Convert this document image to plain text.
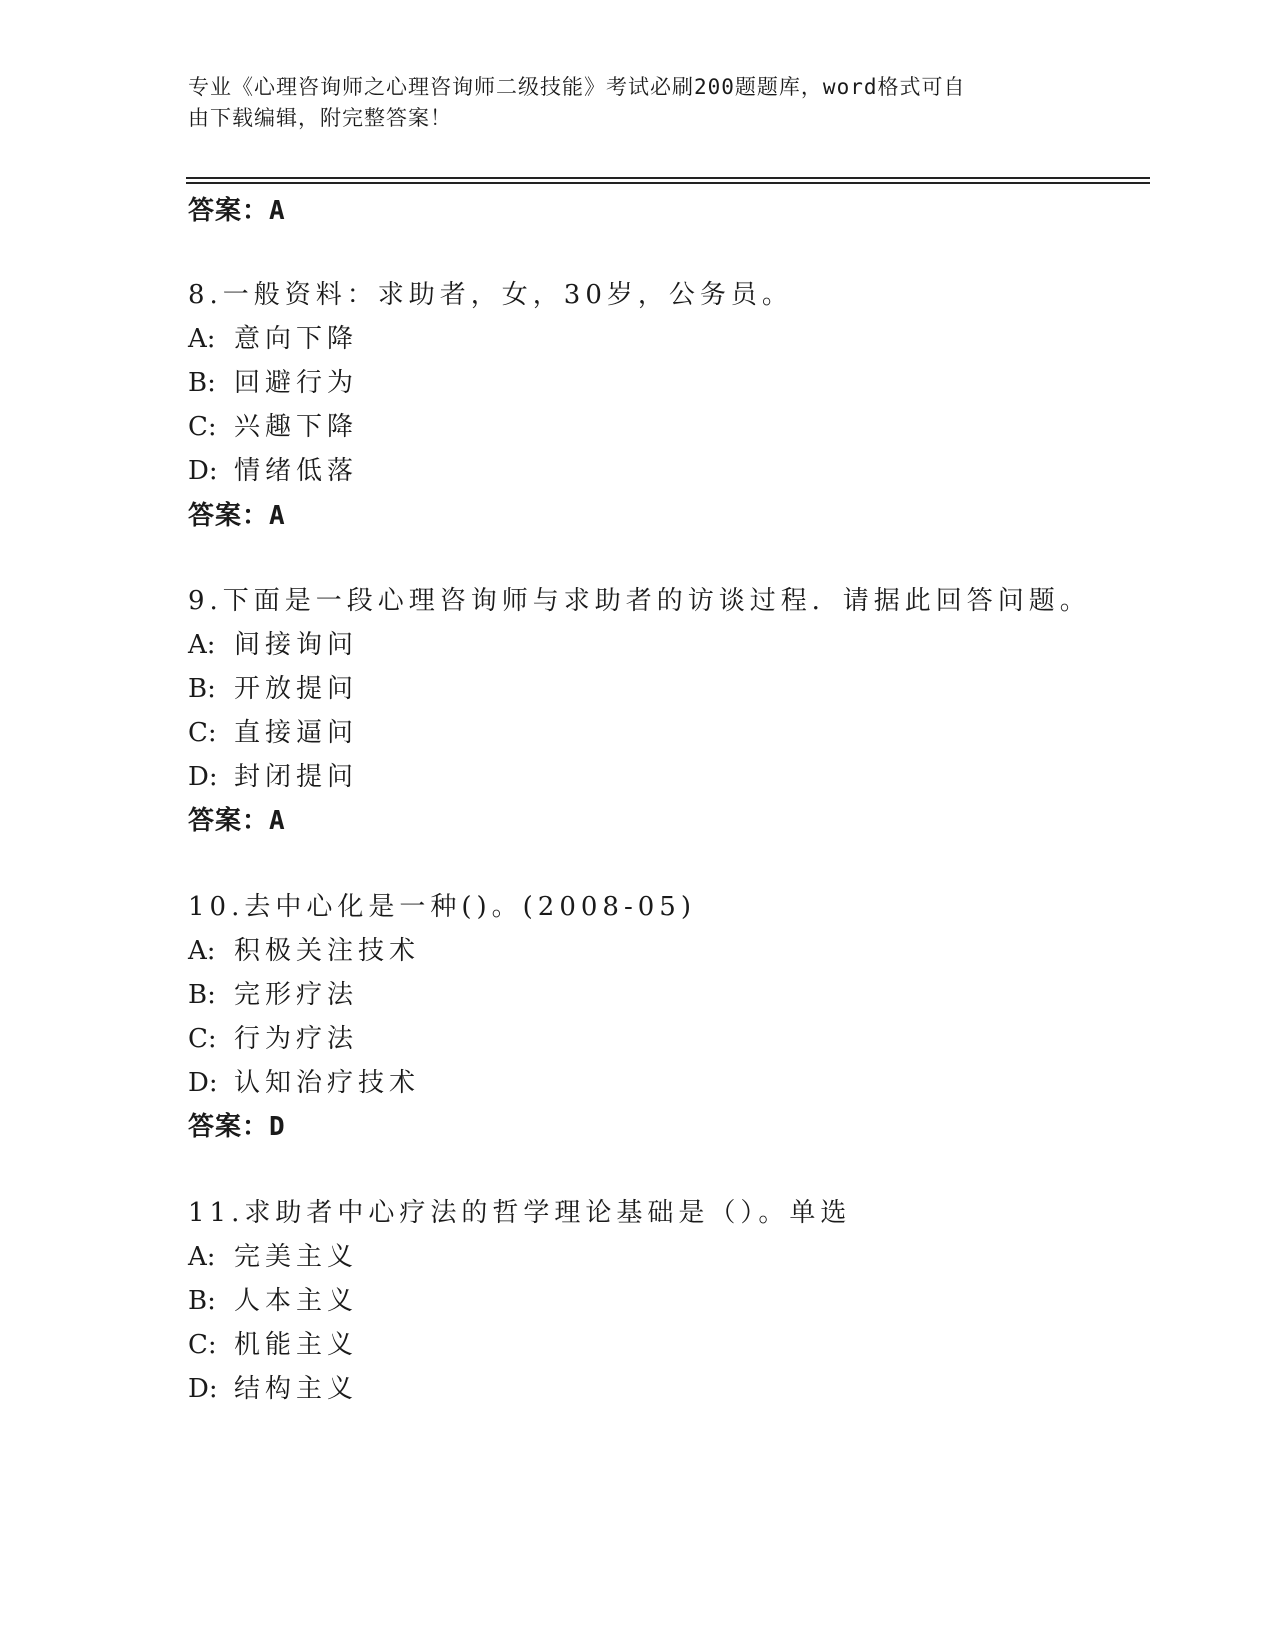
专业《心理咨询师之心理咨询师二级技能》考试必刷200题题库，word格式可自
由下载编辑，附完整答案！
答案：A
8.一般资料：求助者，女，30岁，公务员。
A: 意向下降
B: 回避行为
C: 兴趣下降
D: 情绪低落
答案：A
9.下面是一段心理咨询师与求助者的访谈过程．请据此回答问题。
A: 间接询问
B: 开放提问
C: 直接逼问
D: 封闭提问
答案：A
10.去中心化是一种()。(2008-05)
A: 积极关注技术
B: 完形疗法
C: 行为疗法
D: 认知治疗技术
答案：D
11.求助者中心疗法的哲学理论基础是（）。单选
A: 完美主义
B: 人本主义
C: 机能主义
D: 结构主义
